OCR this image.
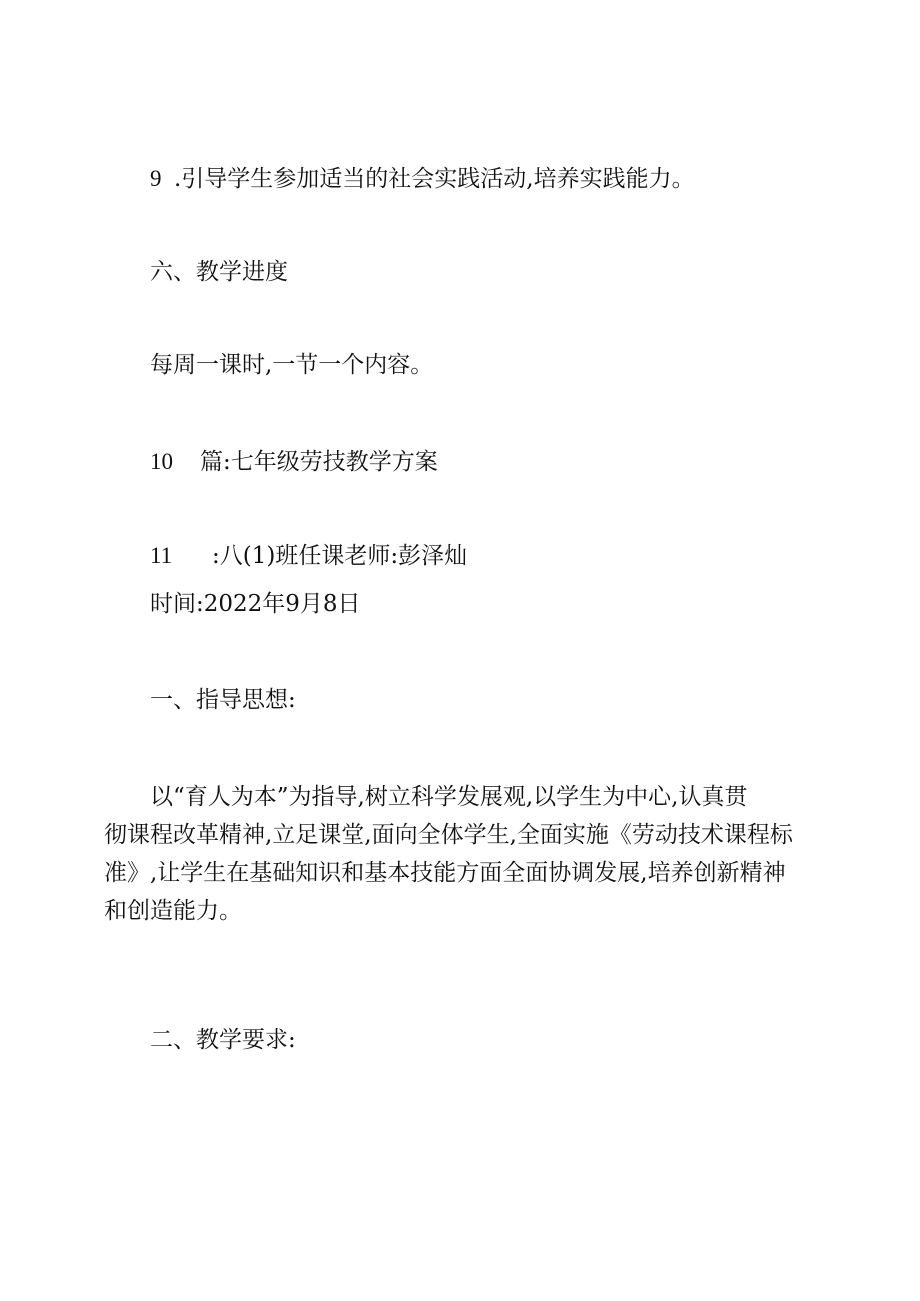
9 .引导学生参加适当的社会实践活动,培养实践能力。
六、教学进度
每周一课时,一节一个内容。
10 篇:七年级劳技教学方案
11 :八(1)班任课老师:彭泽灿
时间:2022年9月8日
一、指导思想:
以“育人为本”为指导,树立科学发展观,以学生为中心,认真贯
彻课程改革精神,立足课堂,面向全体学生,全面实施《劳动技术课程标
准》,让学生在基础知识和基本技能方面全面协调发展,培养创新精神
和创造能力。
二、教学要求:
